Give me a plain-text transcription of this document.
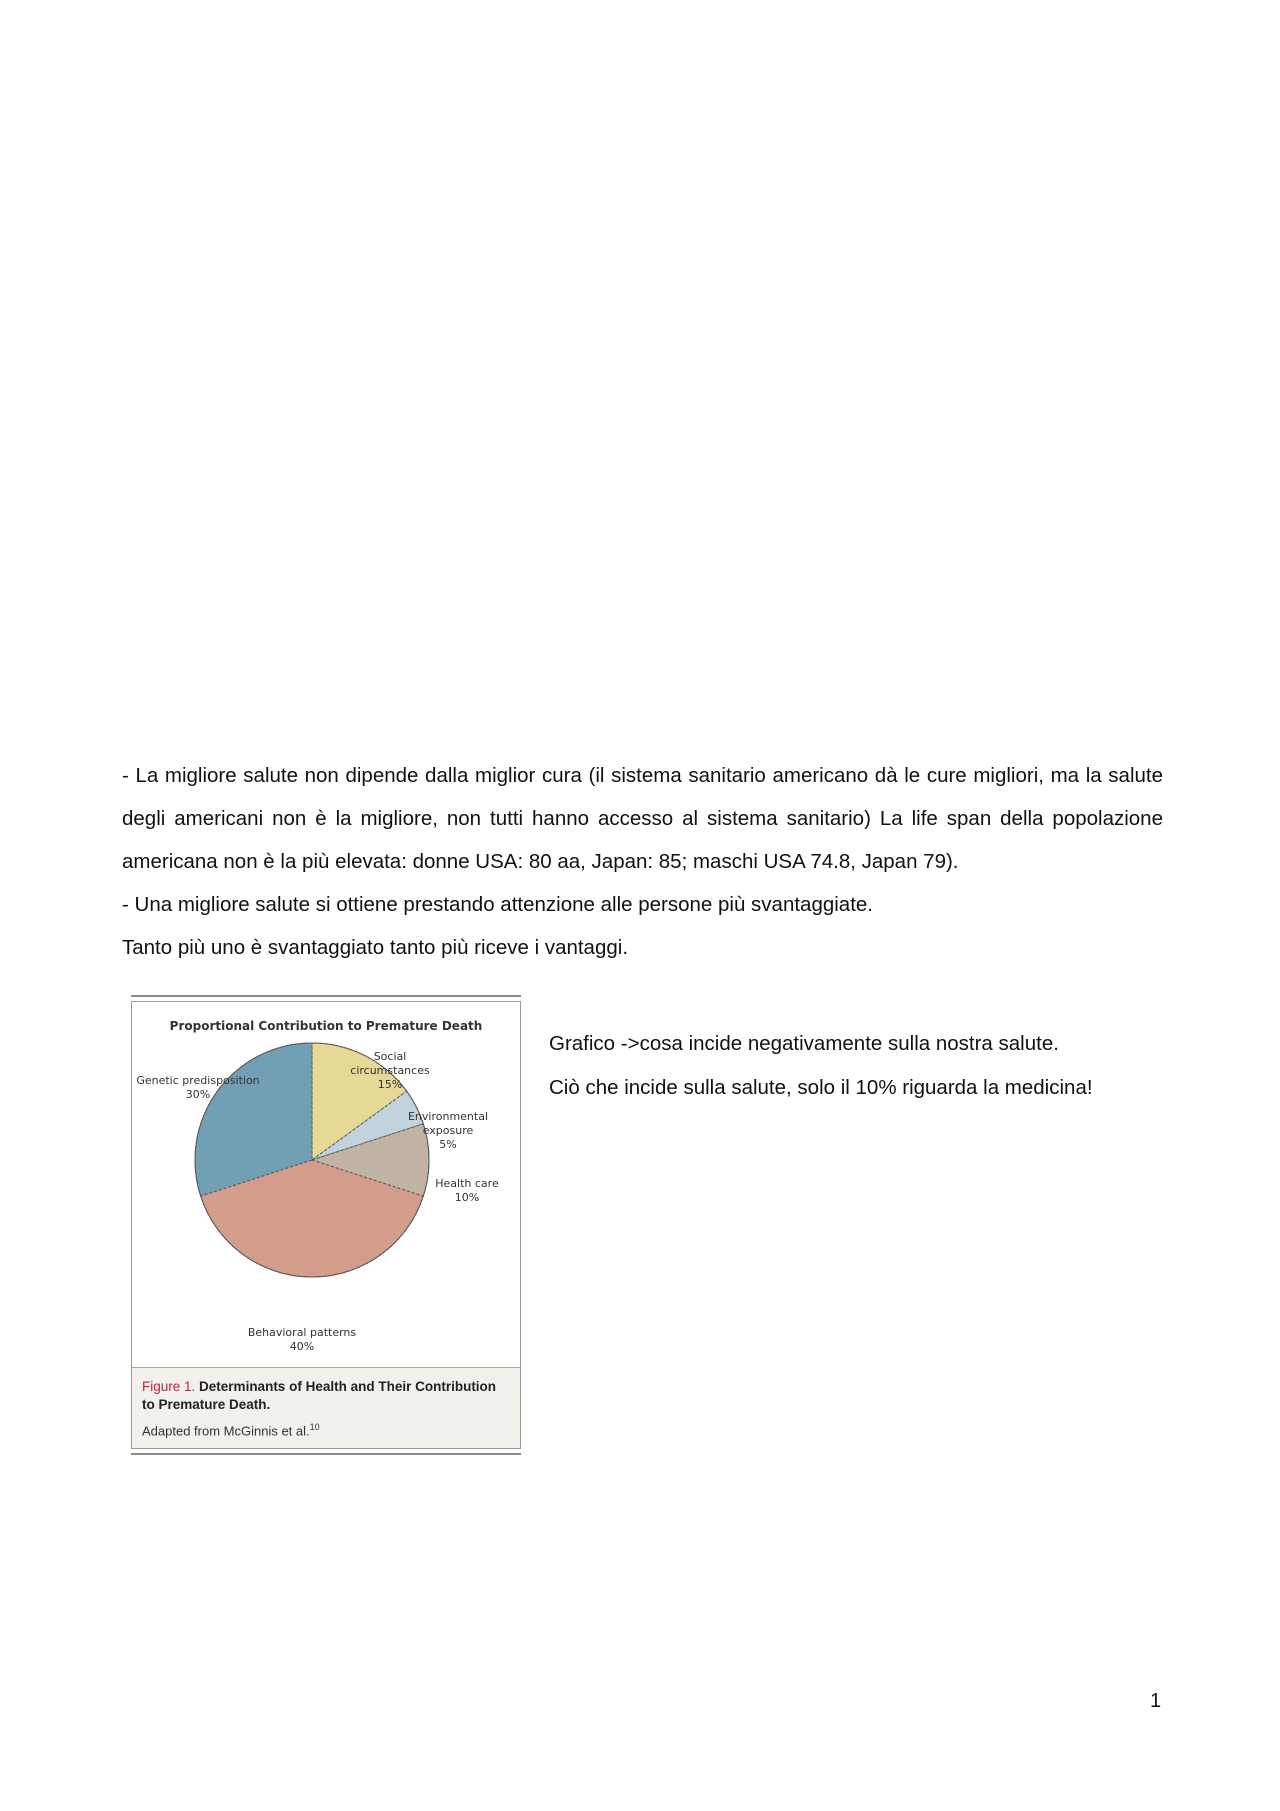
- La migliore salute non dipende dalla miglior cura (il sistema sanitario americano dà le cure migliori, ma la salute degli americani non è la migliore, non tutti hanno accesso al sistema sanitario) La life span della popolazione americana non è la più elevata: donne USA: 80 aa, Japan: 85; maschi USA 74.8, Japan 79).

- Una migliore salute si ottiene prestando attenzione alle persone più svantaggiate.

Tanto più uno è svantaggiato tanto più riceve i vantaggi.

Proportional Contribution to Premature Death
Social circumstances 15%
Environmental exposure 5%
Health care 10%
Behavioral patterns 40%
Genetic predisposition 30%
Figure 1. Determinants of Health and Their Contribution to Premature Death.
Adapted from McGinnis et al.$^{10}$

Grafico ->cosa incide negativamente sulla nostra salute.

Ciò che incide sulla salute, solo il 10% riguarda la medicina!

1
